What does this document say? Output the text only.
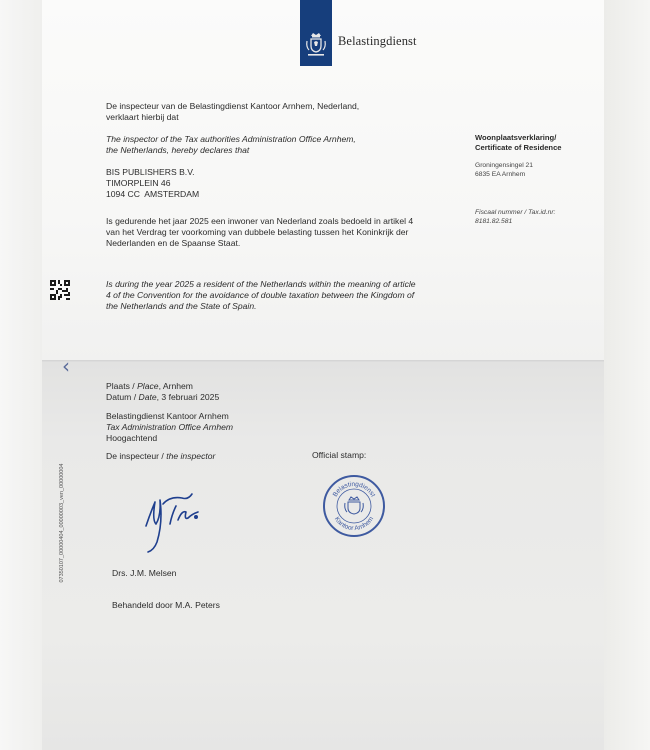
Belastingdienst
De inspecteur van de Belastingdienst Kantoor Arnhem, Nederland,
verklaart hierbij dat
The inspector of the Tax authorities Administration Office Arnhem,
the Netherlands, hereby declares that
BIS PUBLISHERS B.V.
TIMORPLEIN 46
1094 CC  AMSTERDAM
Is gedurende het jaar 2025 een inwoner van Nederland zoals bedoeld in artikel 4
van het Verdrag ter voorkoming van dubbele belasting tussen het Koninkrijk der
Nederlanden en de Spaanse Staat.
Is during the year 2025 a resident of the Netherlands within the meaning of article
4 of the Convention for the avoidance of double taxation between the Kingdom of
the Netherlands and the State of Spain.
Woonplaatsverklaring/
Certificate of Residence
Groningensingel 21
6835 EA Arnhem
Fiscaal nummer / Tax.id.nr:
8181.82.581
‹
07350107_00000404_00000003_ven_00000004
Plaats / Place, Arnhem
Datum / Date, 3 februari 2025
Belastingdienst Kantoor Arnhem
Tax Administration Office Arnhem
Hoogachtend
De inspecteur / the inspector	Official stamp:
Belastingdienst
Kantoor Arnhem
Drs. J.M. Melsen
Behandeld door M.A. Peters
